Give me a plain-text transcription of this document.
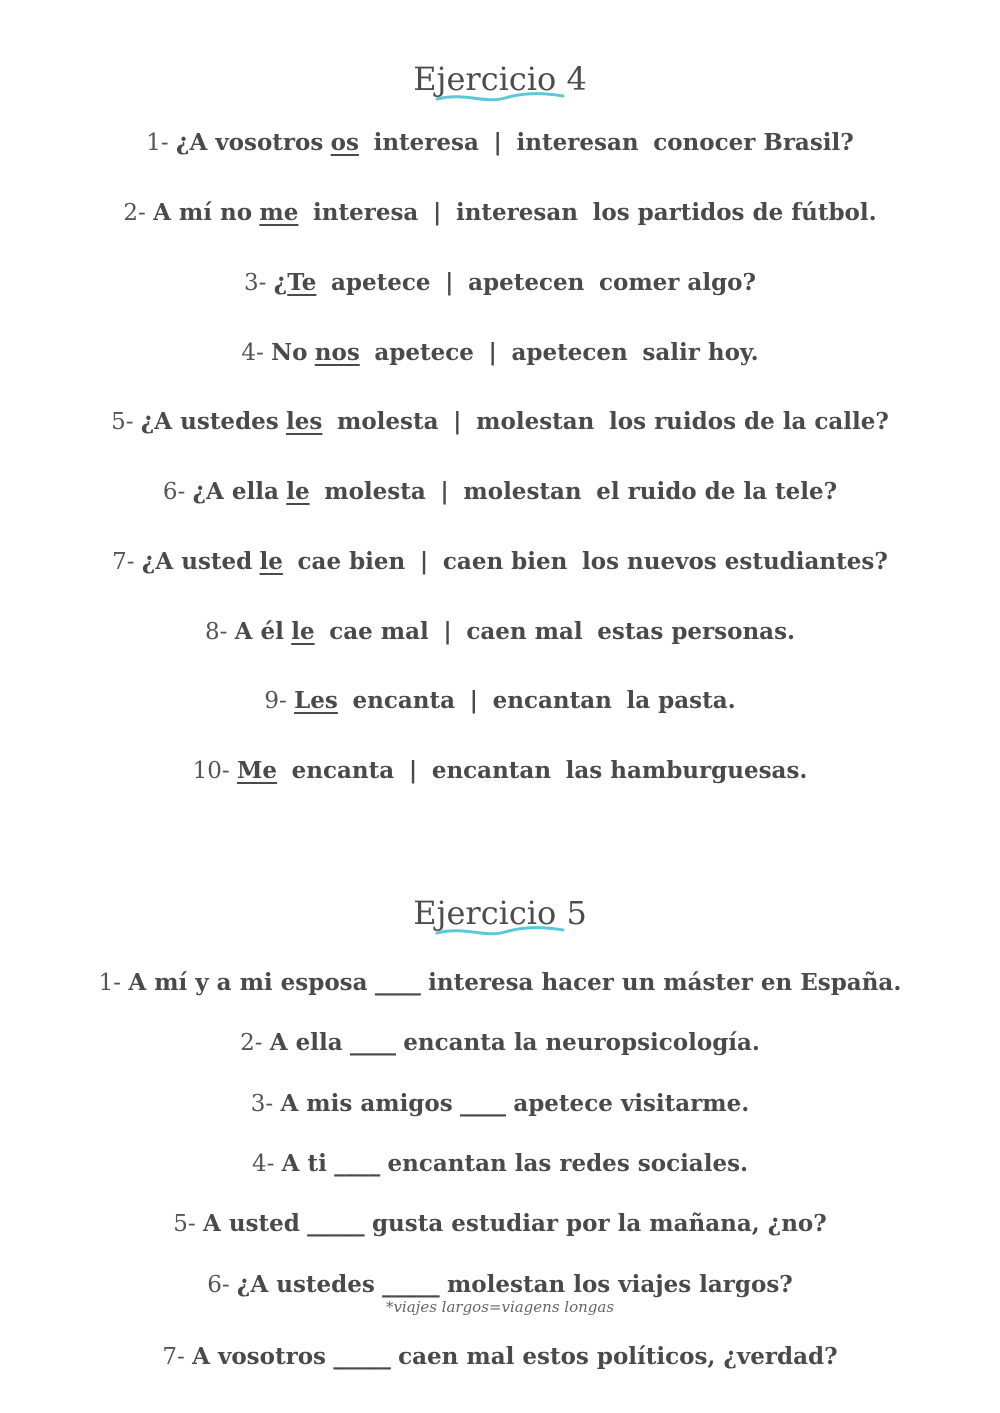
Ejercicio 4
1- ¿A vosotros os interesa | interesan conocer Brasil?
2- A mí no me interesa | interesan los partidos de fútbol.
3- ¿Te apetece | apetecen comer algo?
4- No nos apetece | apetecen salir hoy.
5- ¿A ustedes les molesta | molestan los ruidos de la calle?
6- ¿A ella le molesta | molestan el ruido de la tele?
7- ¿A usted le cae bien | caen bien los nuevos estudiantes?
8- A él le cae mal | caen mal estas personas.
9- Les encanta | encantan la pasta.
10- Me encanta | encantan las hamburguesas.
Ejercicio 5
1- A mí y a mi esposa ____ interesa hacer un máster en España.
2- A ella ____ encanta la neuropsicología.
3- A mis amigos ____ apetece visitarme.
4- A ti ____ encantan las redes sociales.
5- A usted _____ gusta estudiar por la mañana, ¿no?
6- ¿A ustedes _____ molestan los viajes largos?
7- A vosotros _____ caen mal estos políticos, ¿verdad?
*viajes largos=viagens longas
